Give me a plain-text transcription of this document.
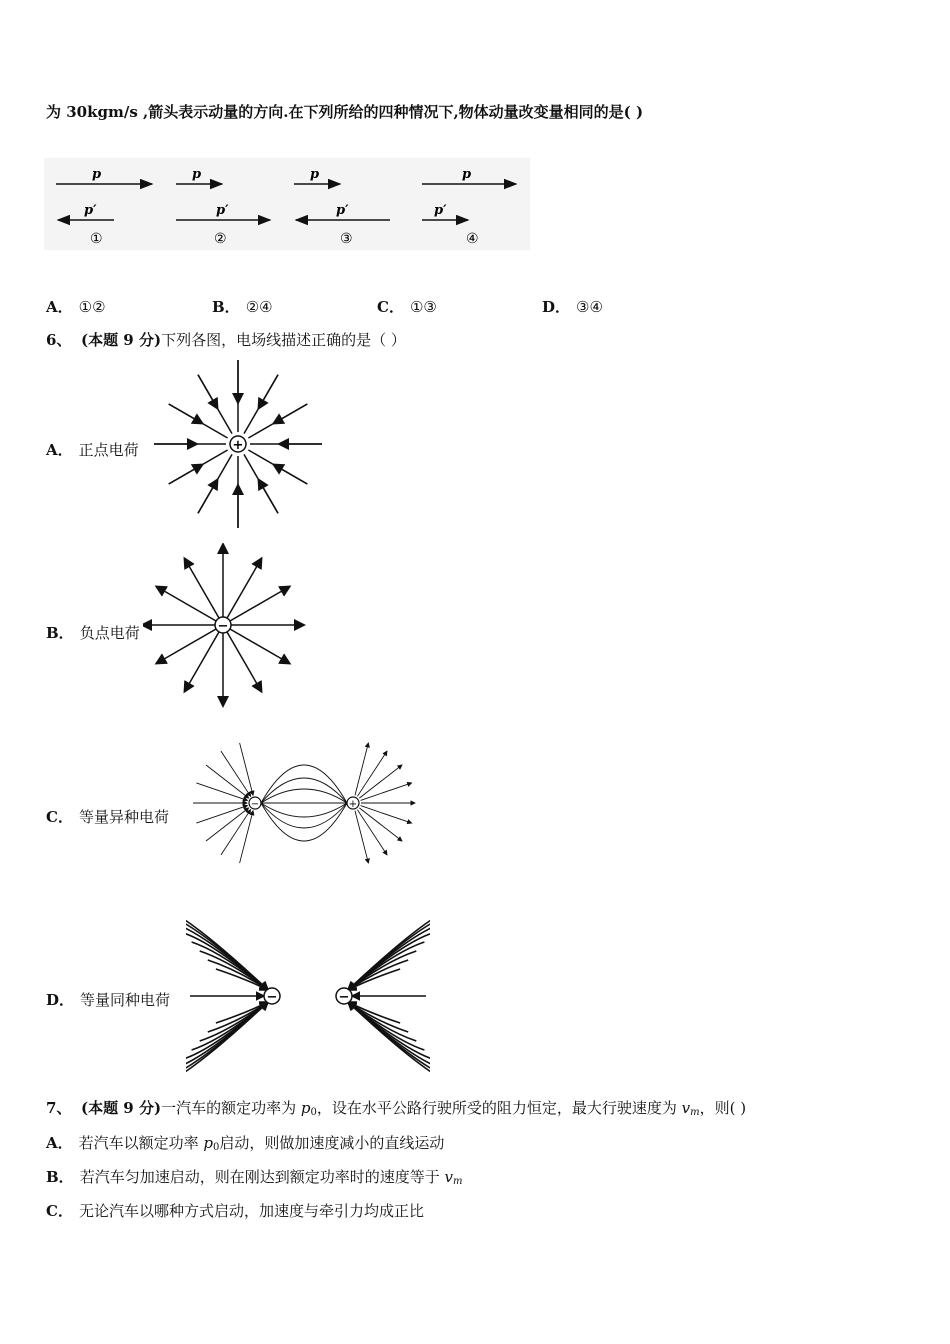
为 30kgm/s ,箭头表示动量的方向.在下列所给的四种情况下,物体动量改变量相同的是( )
p
p′
①
p
p′
②
p
p′
③
p
p′
④
A． ①②	B． ②④	C． ①③	D． ③④
6、 (本题 9 分)下列各图，电场线描述正确的是（ ）
A． 正点电荷
B． 负点电荷
C． 等量异种电荷
D． 等量同种电荷
+
−
−	+
−	−
7、 (本题 9 分)一汽车的额定功率为 $p_0$，设在水平公路行驶所受的阻力恒定，最大行驶速度为 $v_m$，则( )
A． 若汽车以额定功率 $p_0$启动，则做加速度减小的直线运动
B． 若汽车匀加速启动，则在刚达到额定功率时的速度等于 $v_m$
C． 无论汽车以哪种方式启动，加速度与牵引力均成正比
